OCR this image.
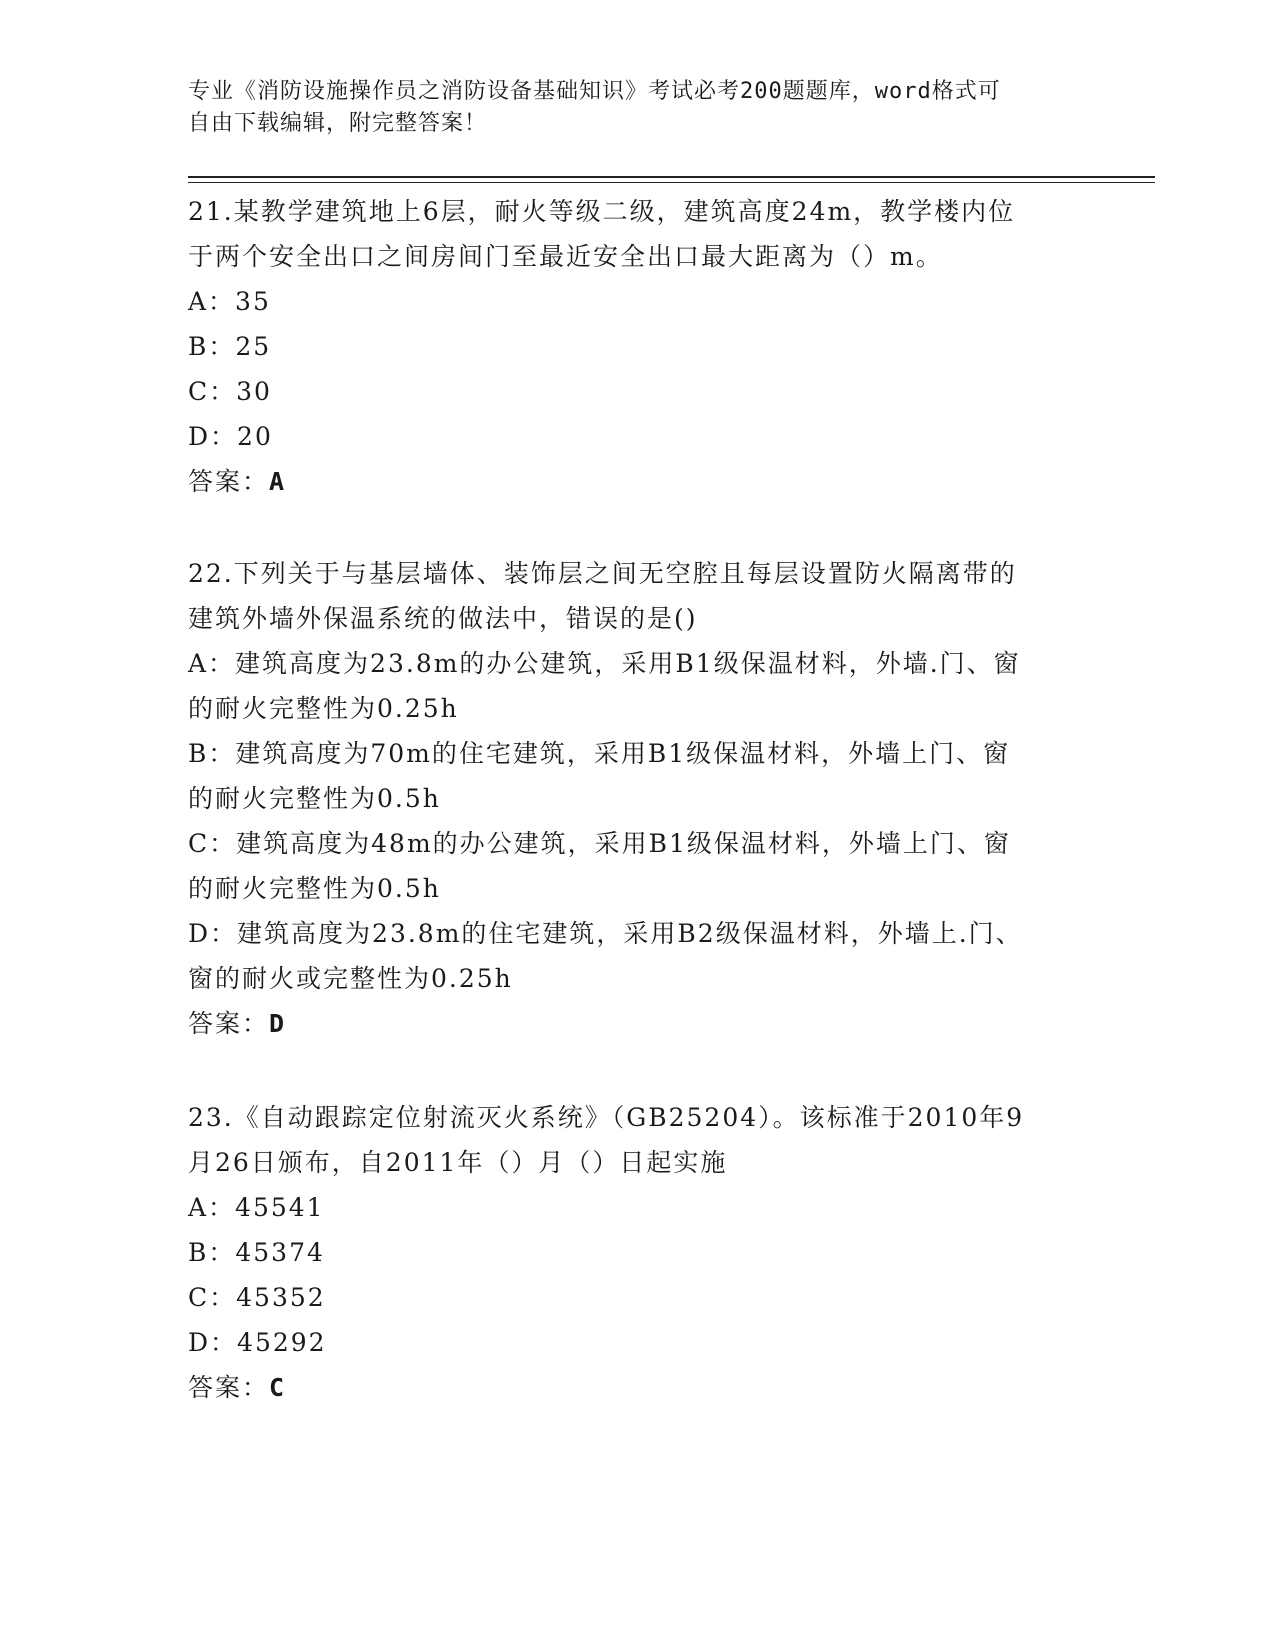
专业《消防设施操作员之消防设备基础知识》考试必考200题题库，word格式可
自由下载编辑，附完整答案！
21.某教学建筑地上6层，耐火等级二级，建筑高度24m，教学楼内位
于两个安全出口之间房间门至最近安全出口最大距离为（）m。
A：35
B：25
C：30
D：20
答案：A
22.下列关于与基层墙体、装饰层之间无空腔且每层设置防火隔离带的
建筑外墙外保温系统的做法中，错误的是()
A：建筑高度为23.8m的办公建筑，采用B1级保温材料，外墙.门、窗
的耐火完整性为0.25h
B：建筑高度为70m的住宅建筑，采用B1级保温材料，外墙上门、窗
的耐火完整性为0.5h
C：建筑高度为48m的办公建筑，采用B1级保温材料，外墙上门、窗
的耐火完整性为0.5h
D：建筑高度为23.8m的住宅建筑，采用B2级保温材料，外墙上.门、
窗的耐火或完整性为0.25h
答案：D
23.《自动跟踪定位射流灭火系统》（GB25204）。该标准于2010年9
月26日颁布，自2011年（）月（）日起实施
A：45541
B：45374
C：45352
D：45292
答案：C
